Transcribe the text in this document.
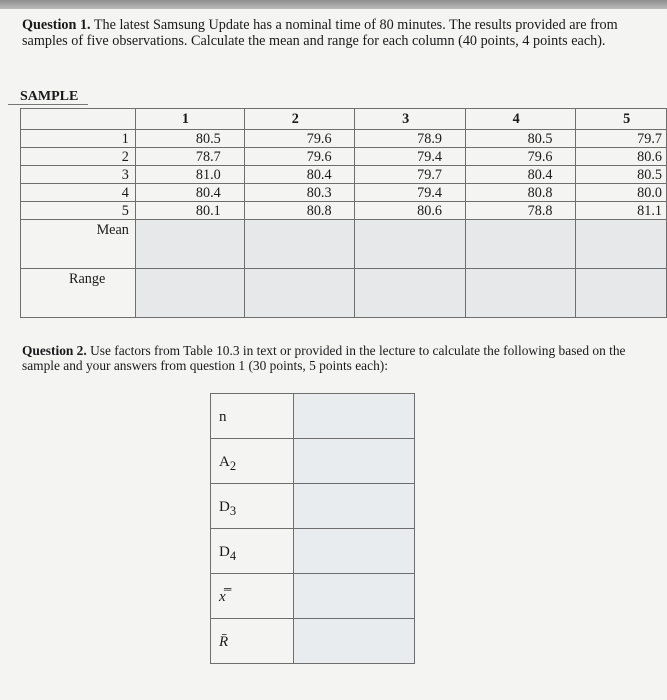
Question 1. The latest Samsung Update has a nominal time of 80 minutes. The results provided are from samples of five observations. Calculate the mean and range for each column (40 points, 4 points each).
SAMPLE
	1	2	3	4	5
1	80.5	79.6	78.9	80.5	79.7
2	78.7	79.6	79.4	79.6	80.6
3	81.0	80.4	79.7	80.4	80.5
4	80.4	80.3	79.4	80.8	80.0
5	80.1	80.8	80.6	78.8	81.1
Mean					
Range					
Question 2. Use factors from Table 10.3 in text or provided in the lecture to calculate the following based on the sample and your answers from question 1 (30 points, 5 points each):
n	
$A_2$	
$D_3$	
$D_4$	
x̿	
R̄	
